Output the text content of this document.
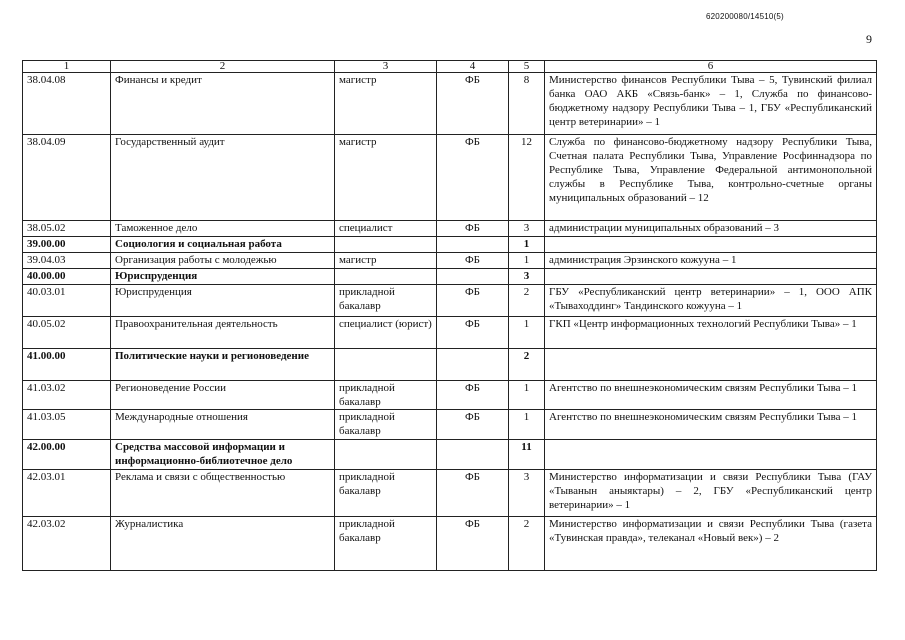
620200080/14510(5)
9
1	2	3	4	5	6
38.04.08	Финансы и кредит	магистр	ФБ	8	Министерство финансов Республики Тыва – 5, Тувинский филиал банка ОАО АКБ «Связь-банк» – 1, Служба по финансово-бюджетному надзору Республики Тыва – 1, ГБУ «Республиканский центр ветеринарии» – 1
38.04.09	Государственный аудит	магистр	ФБ	12	Служба по финансово-бюджетному надзору Республики Тыва, Счетная палата Республики Тыва, Управление Росфиннадзора по Республике Тыва, Управление Федеральной антимонопольной службы в Республике Тыва, контрольно-счетные органы муниципальных образований – 12
38.05.02	Таможенное дело	специалист	ФБ	3	администрации муниципальных образований – 3
39.00.00	Социология и социальная работа			1	
39.04.03	Организация работы с молодежью	магистр	ФБ	1	администрация Эрзинского кожууна – 1
40.00.00	Юриспруденция			3	
40.03.01	Юриспруденция	прикладной бакалавр	ФБ	2	ГБУ «Республиканский центр ветеринарии» – 1, ООО АПК «Тываходдинг» Тандинского кожууна – 1
40.05.02	Правоохранительная деятельность	специалист (юрист)	ФБ	1	ГКП «Центр информационных технологий Республики Тыва» – 1
41.00.00	Политические науки и регионоведение			2	
41.03.02	Регионоведение России	прикладной бакалавр	ФБ	1	Агентство по внешнеэкономическим связям Республики Тыва – 1
41.03.05	Международные отношения	прикладной бакалавр	ФБ	1	Агентство по внешнеэкономическим связям Республики Тыва – 1
42.00.00	Средства массовой информации и информационно-библиотечное дело			11	
42.03.01	Реклама и связи с общественностью	прикладной бакалавр	ФБ	3	Министерство информатизации и связи Республики Тыва (ГАУ «Тыванын аныяктары) – 2, ГБУ «Республиканский центр ветеринарии» – 1
42.03.02	Журналистика	прикладной бакалавр	ФБ	2	Министерство информатизации и связи Республики Тыва (газета «Тувинская правда», телеканал «Новый век») – 2
